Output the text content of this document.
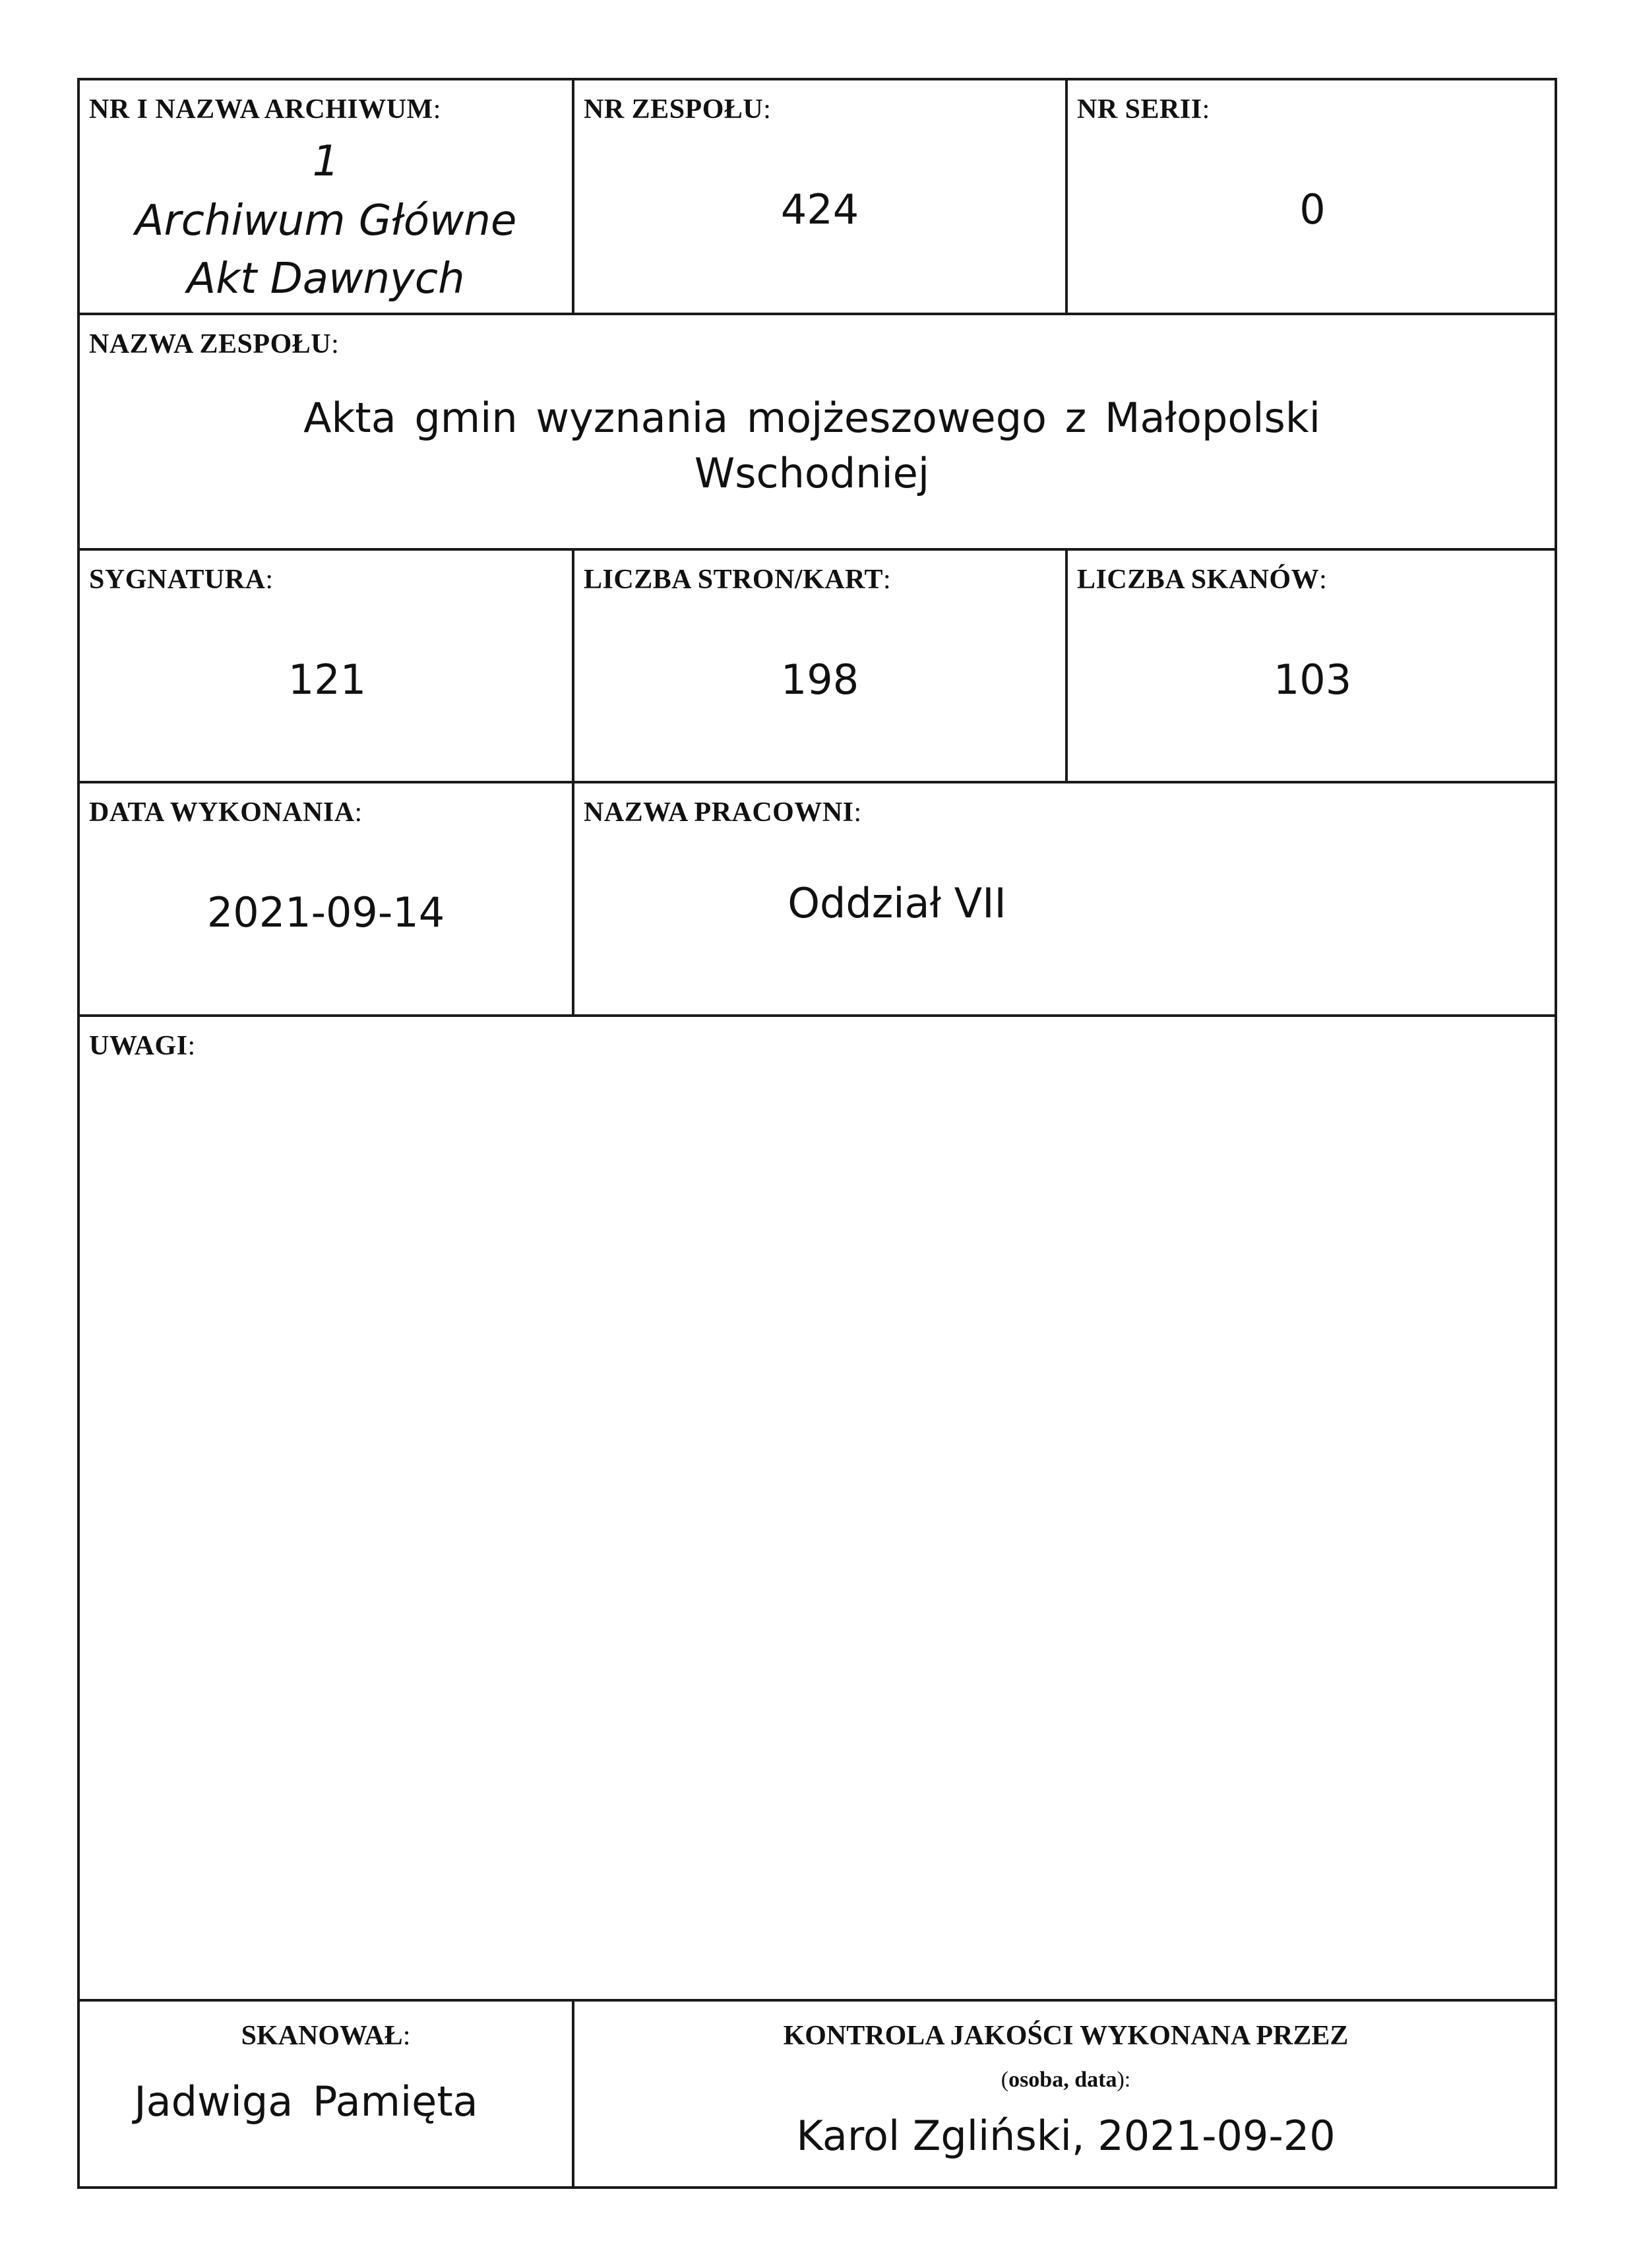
NR I NAZWA ARCHIWUM:
1
Archiwum Główne
Akt Dawnych
NR ZESPOŁU:
424
NR SERII:
0
NAZWA ZESPOŁU:
Akta gmin wyznania mojżeszowego z Małopolski
Wschodniej
SYGNATURA:
121
LICZBA STRON/KART:
198
LICZBA SKANÓW:
103
DATA WYKONANIA:
2021-09-14
NAZWA PRACOWNI:
Oddział VII
UWAGI:
SKANOWAŁ:
Jadwiga Pamięta
KONTROLA JAKOŚCI WYKONANA PRZEZ
(osoba, data):
Karol Zgliński, 2021-09-20
